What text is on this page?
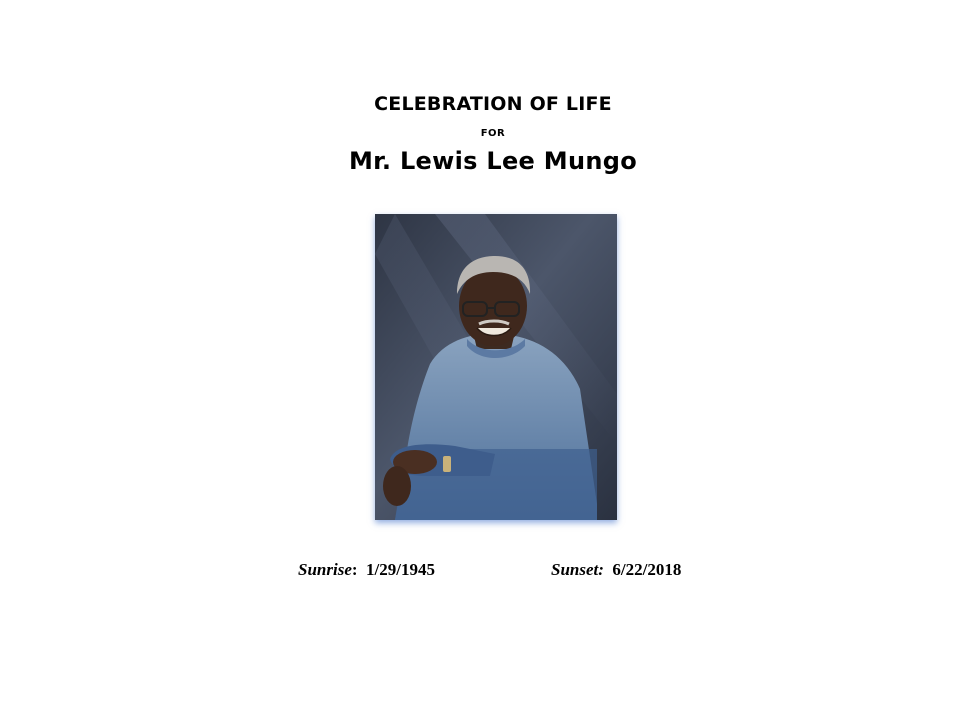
CELEBRATION OF LIFE
for
Mr. Lewis Lee Mungo
Sunrise:  1/29/1945	Sunset: 6/22/2018
